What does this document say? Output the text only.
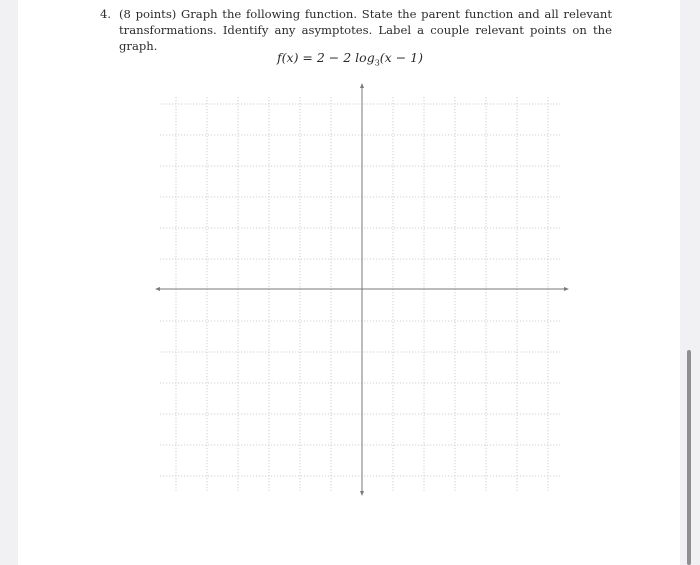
4. (8 points) Graph the following function. State the parent function and all relevant transformations. Identify any asymptotes. Label a couple relevant points on the graph.
f(x) = 2 − 2 $\log_3(x - 1)$
